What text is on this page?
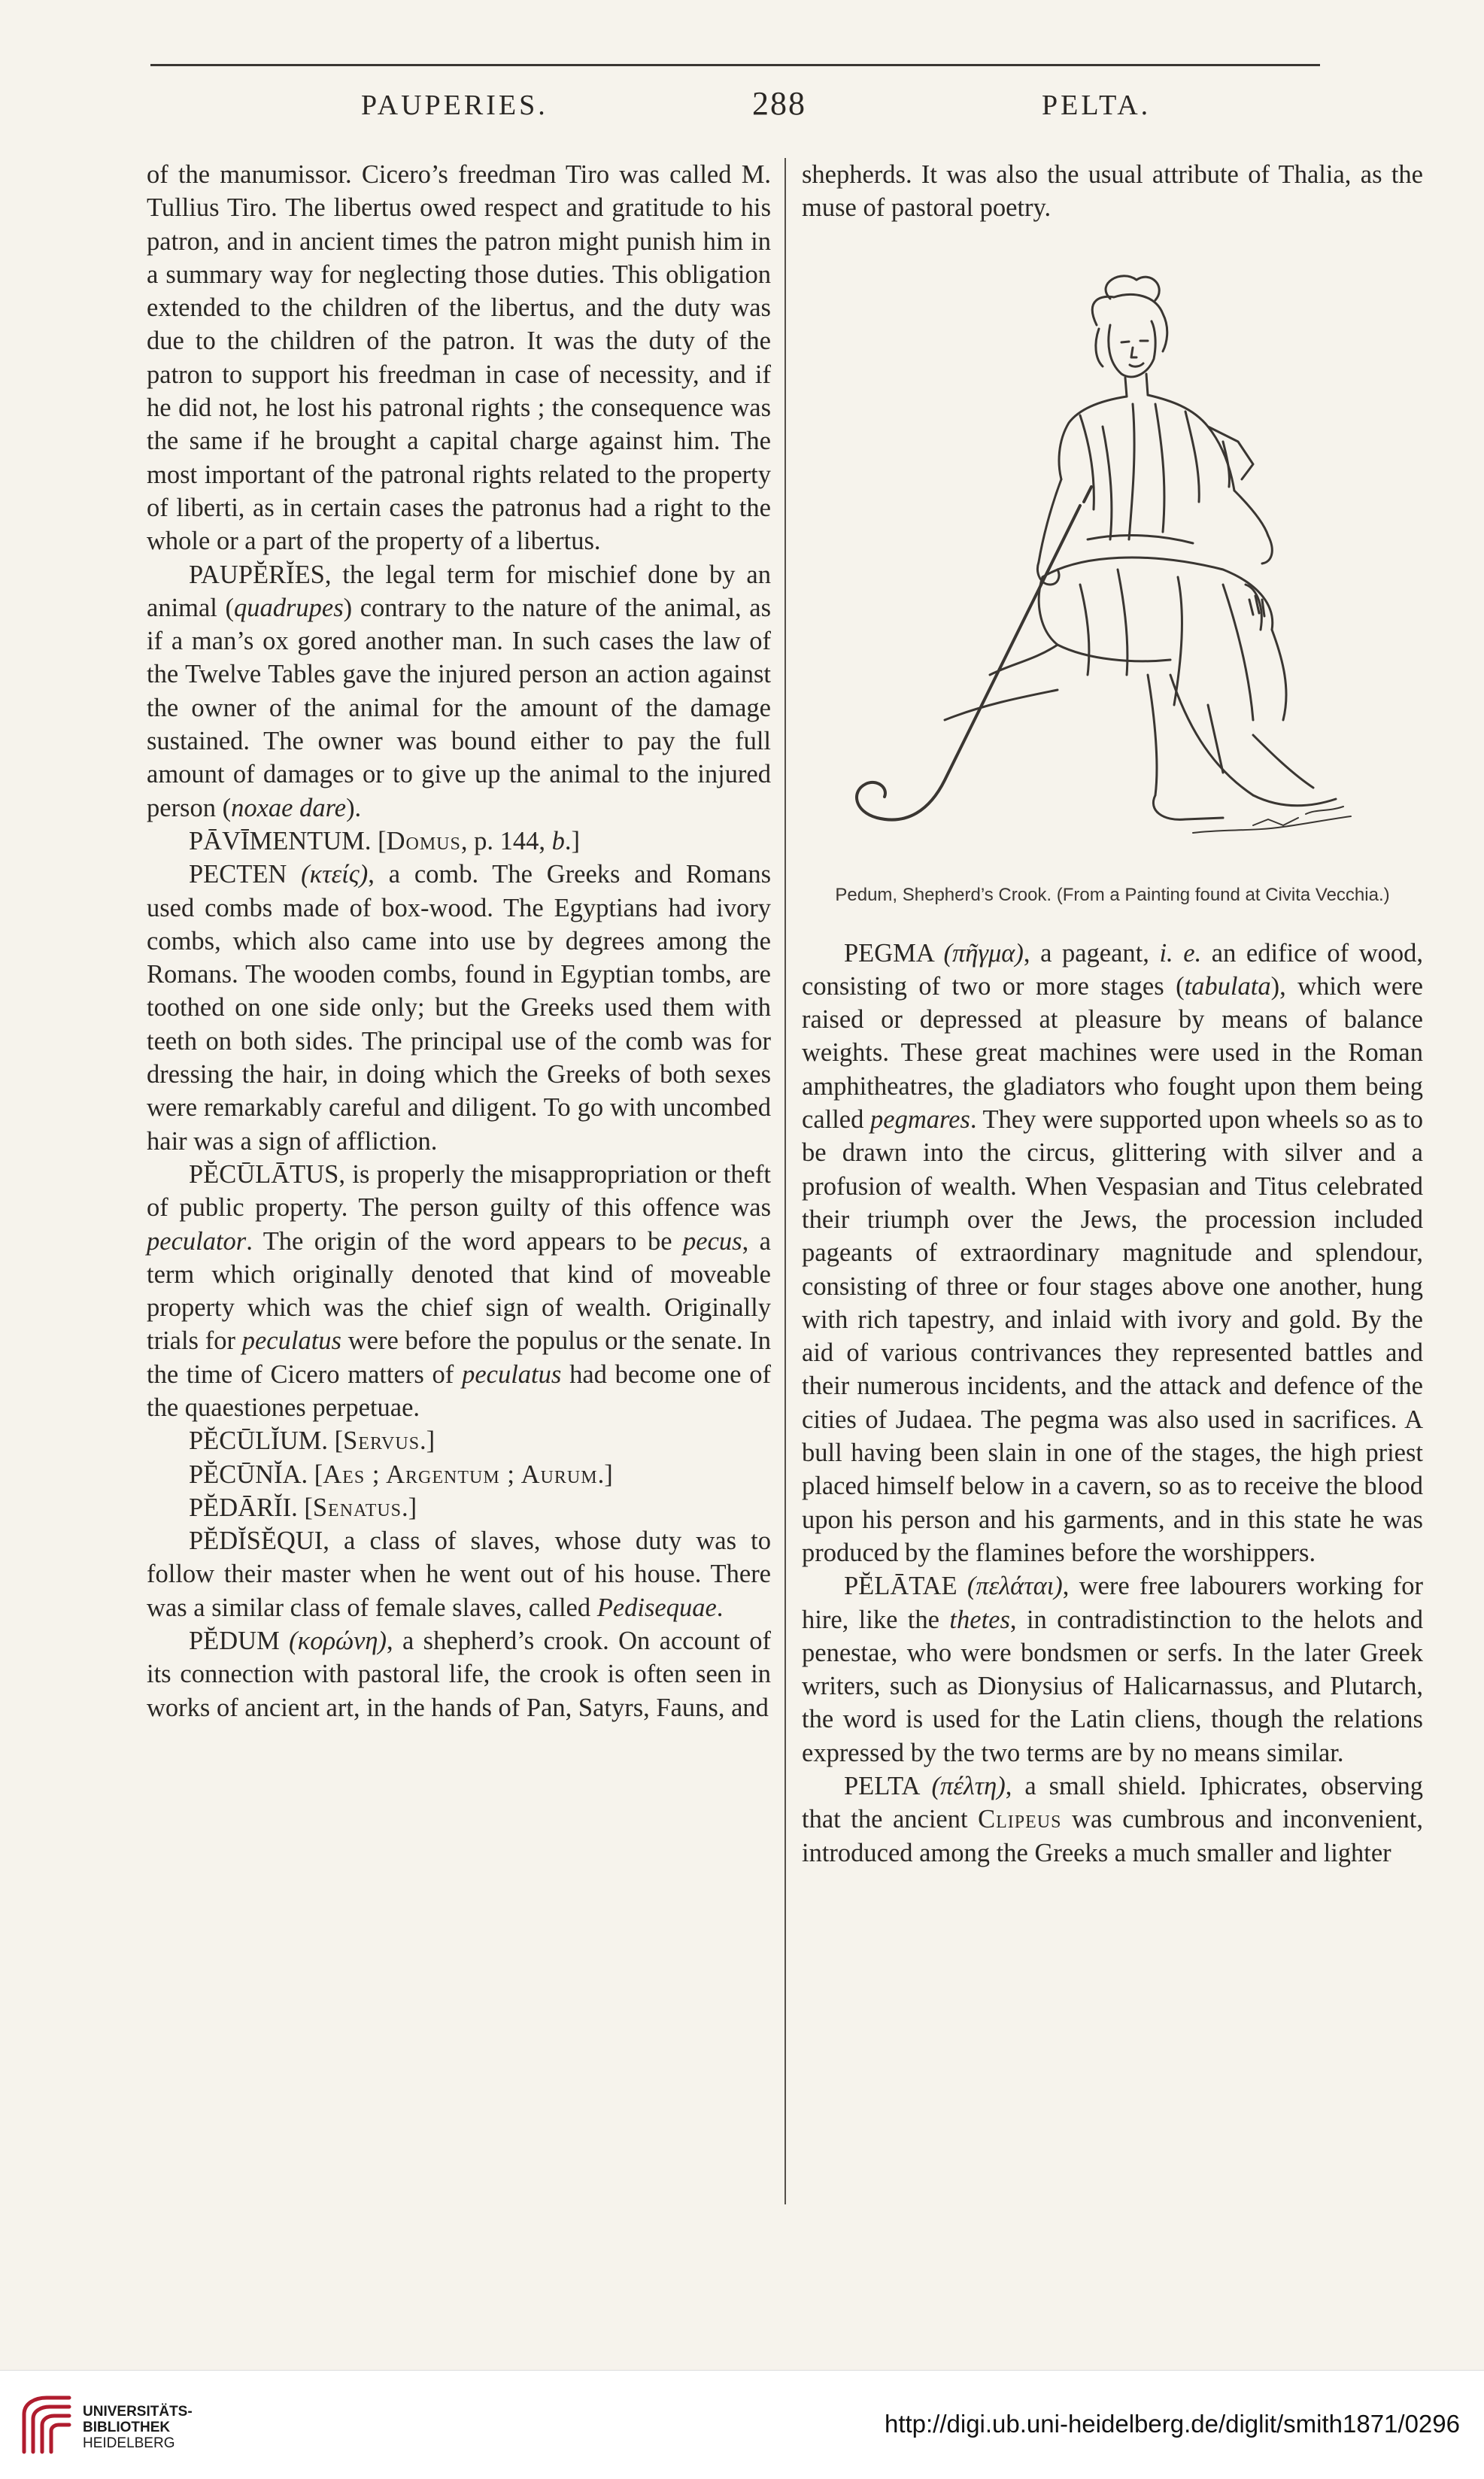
PAUPERIES.	288	PELTA.

of the manumissor. Cicero’s freedman Tiro was called M. Tullius Tiro. The libertus owed respect and gratitude to his patron, and in ancient times the patron might punish him in a summary way for neglecting those duties. This obligation extended to the children of the libertus, and the duty was due to the children of the patron. It was the duty of the patron to support his freedman in case of necessity, and if he did not, he lost his patronal rights ; the consequence was the same if he brought a capital charge against him. The most important of the patronal rights related to the property of liberti, as in certain cases the patronus had a right to the whole or a part of the property of a libertus.

PAUPĔRĬES, the legal term for mischief done by an animal (quadrupes) contrary to the nature of the animal, as if a man’s ox gored another man. In such cases the law of the Twelve Tables gave the injured person an action against the owner of the animal for the amount of the damage sustained. The owner was bound either to pay the full amount of damages or to give up the animal to the injured person (noxae dare).

PĀVĪMENTUM. [Domus, p. 144, b.]

PECTEN (κτείς), a comb. The Greeks and Romans used combs made of box-wood. The Egyptians had ivory combs, which also came into use by degrees among the Romans. The wooden combs, found in Egyptian tombs, are toothed on one side only; but the Greeks used them with teeth on both sides. The principal use of the comb was for dressing the hair, in doing which the Greeks of both sexes were remarkably careful and diligent. To go with uncombed hair was a sign of affliction.

PĔCŪLĀTUS, is properly the misappropriation or theft of public property. The person guilty of this offence was peculator. The origin of the word appears to be pecus, a term which originally denoted that kind of moveable property which was the chief sign of wealth. Originally trials for peculatus were before the populus or the senate. In the time of Cicero matters of peculatus had become one of the quaestiones perpetuae.

PĔCŪLĬUM. [Servus.]

PĔCŪNĬA. [Aes ; Argentum ; Aurum.]

PĔDĀRĬI. [Senatus.]

PĔDĬSĔQUI, a class of slaves, whose duty was to follow their master when he went out of his house. There was a similar class of female slaves, called Pedisequae.

PĔDUM (κορώνη), a shepherd’s crook. On account of its connection with pastoral life, the crook is often seen in works of ancient art, in the hands of Pan, Satyrs, Fauns, and

shepherds. It was also the usual attribute of Thalia, as the muse of pastoral poetry.

Pedum, Shepherd’s Crook. (From a Painting found at Civita Vecchia.)

PEGMA (πῆγμα), a pageant, i. e. an edifice of wood, consisting of two or more stages (tabulata), which were raised or depressed at pleasure by means of balance weights. These great machines were used in the Roman amphitheatres, the gladiators who fought upon them being called pegmares. They were supported upon wheels so as to be drawn into the circus, glittering with silver and a profusion of wealth. When Vespasian and Titus celebrated their triumph over the Jews, the procession included pageants of extraordinary magnitude and splendour, consisting of three or four stages above one another, hung with rich tapestry, and inlaid with ivory and gold. By the aid of various contrivances they represented battles and their numerous incidents, and the attack and defence of the cities of Judaea. The pegma was also used in sacrifices. A bull having been slain in one of the stages, the high priest placed himself below in a cavern, so as to receive the blood upon his person and his garments, and in this state he was produced by the flamines before the worshippers.

PĔLĀTAE (πελάται), were free labourers working for hire, like the thetes, in contradistinction to the helots and penestae, who were bondsmen or serfs. In the later Greek writers, such as Dionysius of Halicarnassus, and Plutarch, the word is used for the Latin cliens, though the relations expressed by the two terms are by no means similar.

PELTA (πέλτη), a small shield. Iphicrates, observing that the ancient Clipeus was cumbrous and inconvenient, introduced among the Greeks a much smaller and lighter

UNIVERSITÄTS-
BIBLIOTHEK
HEIDELBERG
http://digi.ub.uni-heidelberg.de/diglit/smith1871/0296
